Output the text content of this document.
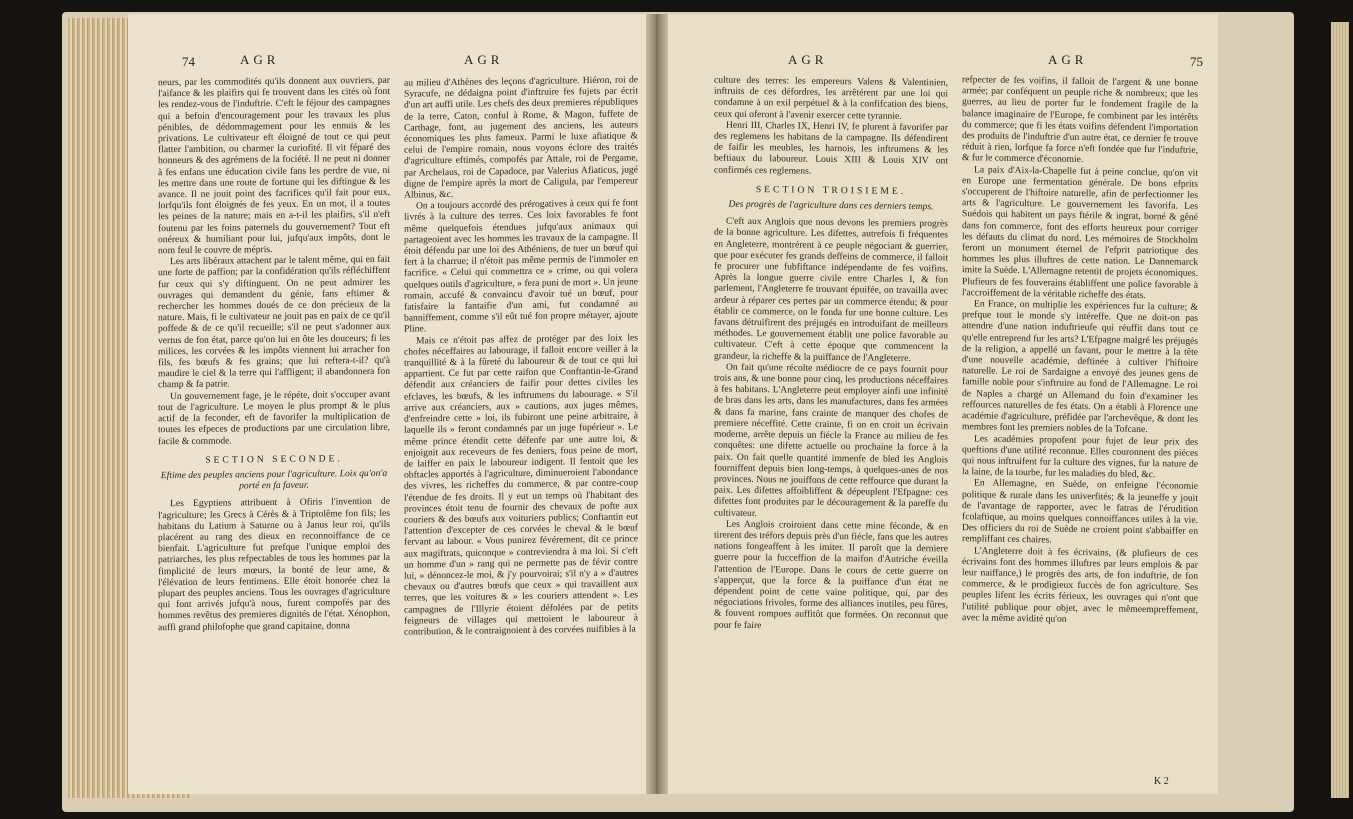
74	AGR	AGR

neurs, par les commodités qu'ils donnent aux ouvriers, par l'aifance & les plaifirs qui fe trouvent dans les cités où font les rendez-vous de l'induftrie. C'eft le féjour des campagnes qui a befoin d'encouragement pour les travaux les plus pénibles, de dédommagement pour les ennuis & les privations. Le cultivateur eft éloigné de tout ce qui peut flatter l'ambition, ou charmer la curiofité. Il vit féparé des honneurs & des agrémens de la fociété. Il ne peut ni donner à fes enfans une éducation civile fans les perdre de vue, ni les mettre dans une route de fortune qui les diftingue & les avance. Il ne jouit point des facrifices qu'il fait pour eux, lorfqu'ils font éloignés de fes yeux. En un mot, il a toutes les peines de la nature; mais en a-t-il les plaifirs, s'il n'eft foutenu par les foins paternels du gouvernement? Tout eft onéreux & humiliant pour lui, jufqu'aux impôts, dont le nom feul le couvre de mépris.

Les arts libéraux attachent par le talent même, qui en fait une forte de paffion; par la confidération qu'ils réfléchiffent fur ceux qui s'y diftinguent. On ne peut admirer les ouvrages qui demandent du génie, fans eftimer & rechercher les hommes doués de ce don précieux de la nature. Mais, fi le cultivateur ne jouit pas en paix de ce qu'il poffede & de ce qu'il recueille; s'il ne peut s'adonner aux vertus de fon état, parce qu'on lui en ôte les douceurs; fi les milices, les corvées & les impôts viennent lui arracher fon fils, fes bœufs & fes grains; que lui reftera-t-il? qu'à maudire le ciel & la terre qui l'affligent; il abandonnera fon champ & fa patrie.

Un gouvernement fage, je le répéte, doit s'occuper avant tout de l'agriculture. Le moyen le plus prompt & le plus actif de la feconder, eft de favorifer la multiplication de toutes les efpeces de productions par une circulation libre, facile & commode.

SECTION SECONDE.

Eftime des peuples anciens pour l'agriculture. Loix qu'on'a porté en fa faveur.

Les Egyptiens attribuent à Ofiris l'invention de l'agriculture; les Grecs à Cérès & à Triptolême fon fils; les habitans du Latium à Saturne ou à Janus leur roi, qu'ils placérent au rang des dieux en reconnoiffance de ce bienfait. L'agriculture fut prefque l'unique emploi des patriarches, les plus refpectables de tous les hommes par la fimplicité de leurs mœurs, la bonté de leur ame, & l'élévation de leurs fentimens. Elle étoit honorée chez la plupart des peuples anciens. Tous les ouvrages d'agriculture qui font arrivés jufqu'à nous, furent compofés par des hommes revêtus des premieres dignités de l'état. Xénophon, auffi grand philofophe que grand capitaine, donna

au milieu d'Athènes des leçons d'agriculture. Hiéron, roi de Syracufe, ne dédaigna point d'inftruire fes fujets par écrit d'un art auffi utile. Les chefs des deux premieres républiques de la terre, Caton, conful à Rome, & Magon, fuffete de Carthage, font, au jugement des anciens, les auteurs économiques les plus fameux. Parmi le luxe afiatique & celui de l'empire romain, nous voyons éclore des traités d'agriculture eftimés, compofés par Attale, roi de Pergame, par Archelaus, roi de Capadoce, par Valerius Afiaticus, jugé digne de l'empire après la mort de Caligula, par l'empereur Albinus, &c.

On a toujours accordé des prérogatives à ceux qui fe font livrés à la culture des terres. Ces loix favorables fe font même quelquefois étendues jufqu'aux animaux qui partageoient avec les hommes les travaux de la campagne. Il étoit défendu par une loi des Athéniens, de tuer un bœuf qui fert à la charrue; il n'étoit pas même permis de l'immoler en facrifice. « Celui qui commettra ce » crime, ou qui volera quelques outils d'agriculture, » fera puni de mort ». Un jeune romain, accufé & convaincu d'avoir tué un bœuf, pour fatisfaire la fantaifie d'un ami, fut condamné au banniffement, comme s'il eût tué fon propre métayer, ajoute Pline.

Mais ce n'étoit pas affez de protéger par des loix les chofes néceffaires au labourage, il falloit encore veiller à la tranquillité & à la fûreté du laboureur & de tout ce qui lui appartient. Ce fut par cette raifon que Conftantin-le-Grand défendit aux créanciers de faifir pour dettes civiles les efclaves, les bœufs, & les inftrumens du labourage. « S'il arrive aux créanciers, aux » cautions, aux juges mêmes, d'enfreindre cette » loi, ils fubiront une peine arbitraire, à laquelle ils » feront condamnés par un juge fupérieur ». Le même prince étendit cette défenfe par une autre loi, & enjoignit aux receveurs de fes deniers, fous peine de mort, de laiffer en paix le laboureur indigent. Il fentoit que les obftacles apportés à l'agriculture, diminueroient l'abondance des vivres, les richeffes du commerce, & par contre-coup l'étendue de fes droits. Il y eut un temps où l'habitant des provinces étoit tenu de fournir des chevaux de pofte aux couriers & des bœufs aux voituriers publics; Conftantin eut l'attention d'excepter de ces corvées le cheval & le bœuf fervant au labour. « Vous punirez févérement, dit ce prince aux magiftrats, quiconque » contreviendra à ma loi. Si c'eft un homme d'un » rang qui ne permette pas de févir contre lui, » dénoncez-le moi, & j'y pourvoirai; s'il n'y a » d'autres chevaux ou d'autres bœufs que ceux » qui travaillent aux terres, que les voitures & » les couriers attendent ». Les campagnes de l'Illyrie étoient défolées par de petits feigneurs de villages qui mettoient le laboureur à contribution, & le contraignoient à des corvées nuifibles à la

AGR	AGR	75

culture des terres: les empereurs Valens & Valentinien, inftruits de ces défordres, les arrêtérent par une loi qui condamne à un exil perpétuel & à la confifcation des biens, ceux qui oferont à l'avenir exercer cette tyrannie.

Henri III, Charles IX, Henri IV, fe plurent à favorifer par des reglemens les habitans de la campagne. Ils défendirent de faifir les meubles, les harnois, les inftrumens & les beftiaux du laboureur. Louis XIII & Louis XIV ont confirmés ces reglemens.

SECTION TROISIEME.

Des progrès de l'agriculture dans ces derniers temps.

C'eft aux Anglois que nous devons les premiers progrès de la bonne agriculture. Les difettes, autrefois fi fréquentes en Angleterre, montrérent à ce peuple négociant & guerrier, que pour exécuter fes grands deffeins de commerce, il falloit fe procurer une fubfiftance indépendante de fes voifins. Après la longue guerre civile entre Charles I, & fon parlement, l'Angleterre fe trouvant épuifée, on travailla avec ardeur à réparer ces pertes par un commerce étendu; & pour établir ce commerce, on le fonda fur une bonne culture. Les favans détruifirent des préjugés en introduifant de meilleurs méthodes. Le gouvernement établit une police favorable au cultivateur. C'eft à cette époque que commencent la grandeur, la richeffe & la puiffance de l'Angleterre.

On fait qu'une récolte médiocre de ce pays fournit pour trois ans, & une bonne pour cinq, les productions néceffaires à fes habitans. L'Angleterre peut employer ainfi une infinité de bras dans les arts, dans les manufactures, dans fes armées & dans fa marine, fans crainte de manquer des chofes de premiere néceffité. Cette crainte, fi on en croit un écrivain moderne, arrête depuis un fiécle la France au milieu de fes conquêtes: une difette actuelle ou prochaine la force à la paix. On fait quelle quantité immenfe de bled les Anglois fourniffent depuis bien long-temps, à quelques-unes de nos provinces. Nous ne jouiffons de cette reffource que durant la paix. Les difettes affoibliffent & dépeuplent l'Efpagne: ces difettes font produites par le découragement & la pareffe du cultivateur.

Les Anglois croiroient dans cette mine féconde, & en tirerent des tréfors depuis près d'un fiécle, fans que les autres nations fongeaffent à les imiter. Il paroît que la derniere guerre pour la fucceffion de la maifon d'Autriche éveilla l'attention de l'Europe. Dans le cours de cette guerre on s'apperçut, que la force & la puiffance d'un état ne dépendent point de cette vaine politique, qui, par des négociations frivoles, forme des alliances inutiles, peu fûres, & fouvent rompues auffitôt que formées. On reconnut que pour fe faire

refpecter de fes voifins, il falloit de l'argent & une bonne armée; par conféquent un peuple riche & nombreux; que les guerres, au lieu de porter fur le fondement fragile de la balance imaginaire de l'Europe, fe combinent par les intérêts du commerce; que fi les états voifins défendent l'importation des produits de l'induftrie d'un autre état, ce dernier fe trouve réduit à rien, lorfque fa force n'eft fondée que fur l'induftrie, & fur le commerce d'économie.

La paix d'Aix-la-Chapelle fut à peine conclue, qu'on vit en Europe une fermentation générale. De bons efprits s'occuperent de l'hiftoire naturelle, afin de perfectionner les arts & l'agriculture. Le gouvernement les favorifa. Les Suédois qui habitent un pays ftérile & ingrat, borné & gêné dans fon commerce, font des efforts heureux pour corriger les défauts du climat du nord. Les mémoires de Stockholm feront un monument éternel de l'efprit patriotique des hommes les plus illuftres de cette nation. Le Dannemarck imite la Suède. L'Allemagne retentit de projets économiques. Plufieurs de fes fouverains établiffent une police favorable à l'accroiffement de la véritable richeffe des états.

En France, on multiplie les expériences fur la culture; & prefque tout le monde s'y intéreffe. Que ne doit-on pas attendre d'une nation induftrieufe qui réuffit dans tout ce qu'elle entreprend fur les arts? L'Efpagne malgré les préjugés de la religion, a appellé un favant, pour le mettre à la tête d'une nouvelle académie, deftinée à cultiver l'hiftoire naturelle. Le roi de Sardaigne a envoyé des jeunes gens de famille noble pour s'inftruire au fond de l'Allemagne. Le roi de Naples a chargé un Allemand du foin d'examiner les reffources naturelles de fes états. On a établi à Florence une académie d'agriculture, préfidée par l'archevêque, & dont les membres font les premiers nobles de la Tofcane.

Les académies propofent pour fujet de leur prix des queftions d'une utilité reconnue. Elles couronnent des piéces qui nous inftruifent fur la culture des vignes, fur la nature de la laine, de la tourbe, fur les maladies du bled, &c.

En Allemagne, en Suède, on enfeigne l'économie politique & rurale dans les univerfités; & la jeuneffe y jouit de l'avantage de rapporter, avec le fatras de l'érudition fcolaftique, au moins quelques connoiffances utiles à la vie. Des officiers du roi de Suède ne croient point s'abbaiffer en rempliffant ces chaires.

L'Angleterre doit à fes écrivains, (& plufieurs de ces écrivains font des hommes illuftres par leurs emplois & par leur naiffance,) le progrès des arts, de fon induftrie, de fon commerce, & le prodigieux fuccès de fon agriculture. Ses peuples lifent les écrits férieux, les ouvrages qui n'ont que l'utilité publique pour objet, avec le mêmeempreffement, avec la même avidité qu'on

K 2
